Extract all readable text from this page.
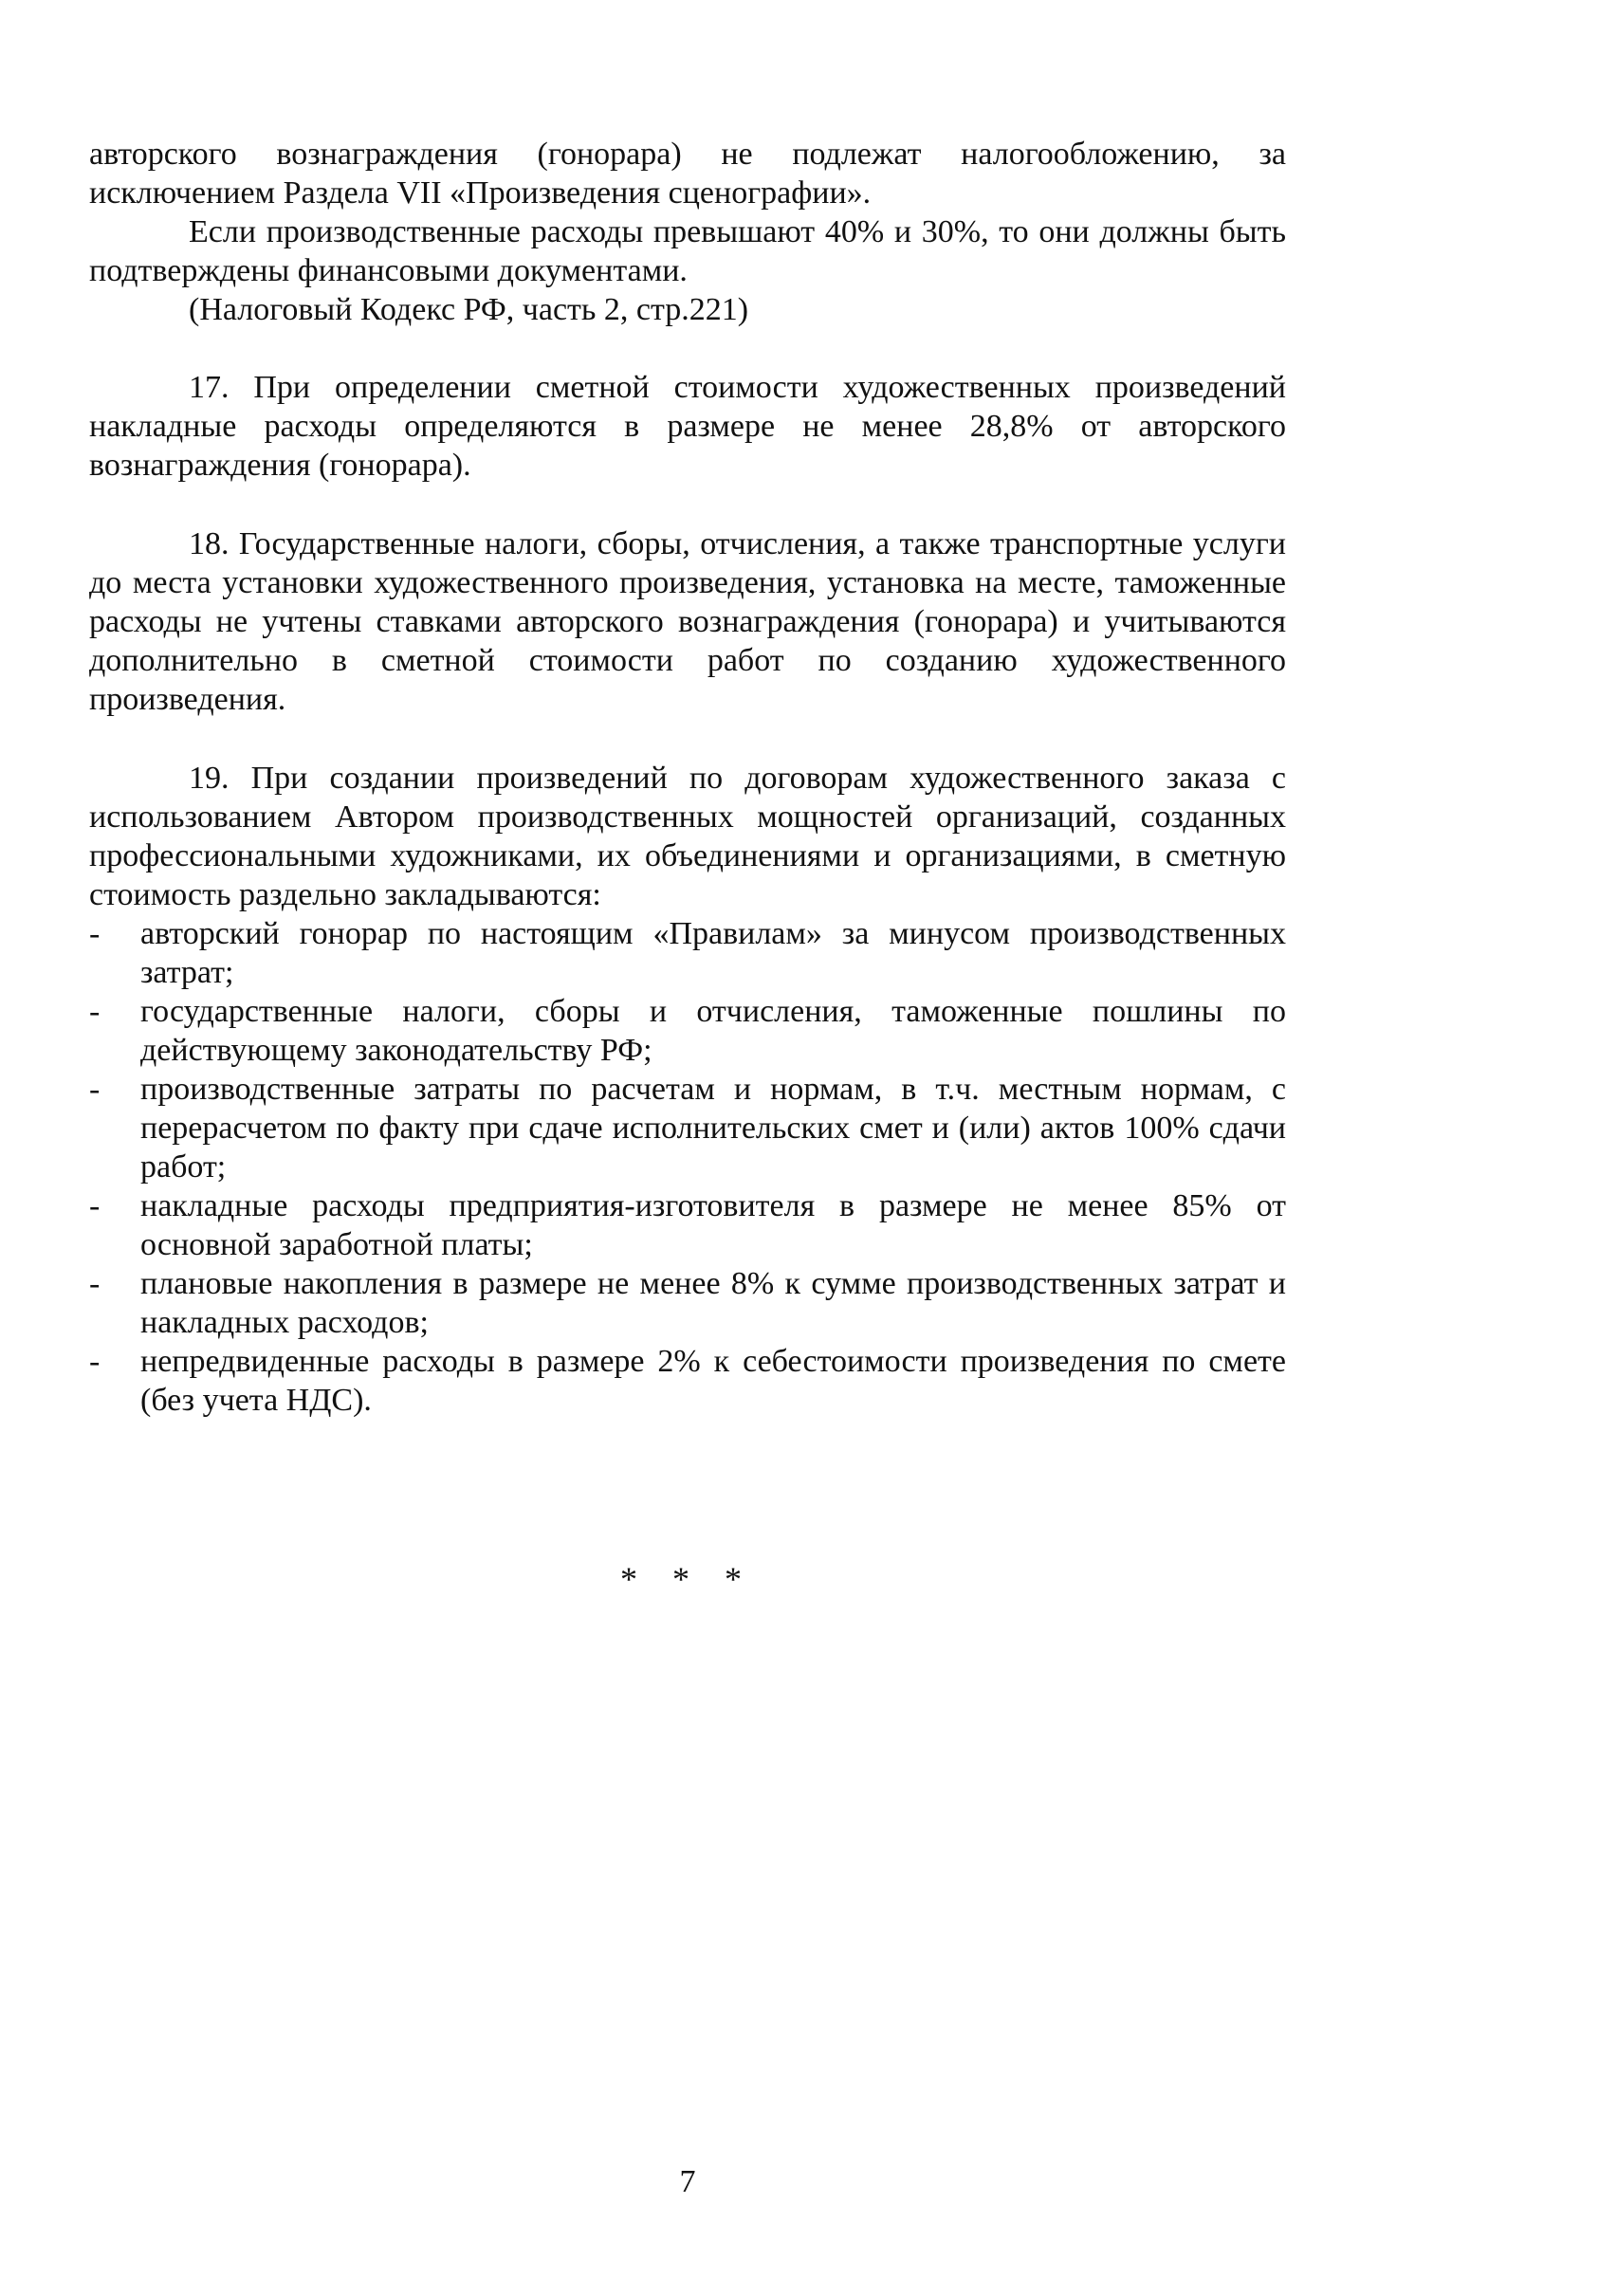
авторского вознаграждения (гонорара) не подлежат налогообложению, за исключением Раздела VII «Произведения сценографии».

Если производственные расходы превышают 40% и 30%, то они должны быть подтверждены финансовыми документами.

(Налоговый Кодекс РФ, часть 2, стр.221)

17. При определении сметной стоимости художественных произведений накладные расходы определяются в размере не менее 28,8% от авторского вознаграждения (гонорара).

18. Государственные налоги, сборы, отчисления, а также транспортные услуги до места установки художественного произведения, установка на месте, таможенные расходы не учтены ставками авторского вознаграждения (гонорара) и учитываются дополнительно в сметной стоимости работ по созданию художественного произведения.

19. При создании произведений по договорам художественного заказа с использованием Автором производственных мощностей организаций, созданных профессиональными художниками, их объединениями и организациями, в сметную стоимость раздельно закладываются:

- авторский гонорар по настоящим «Правилам» за минусом производственных затрат;
- государственные налоги, сборы и отчисления, таможенные пошлины по действующему законодательству РФ;
- производственные затраты по расчетам и нормам, в т.ч. местным нормам, с перерасчетом по факту при сдаче исполнительских смет и (или) актов 100% сдачи работ;
- накладные расходы предприятия-изготовителя в размере не менее 85% от основной заработной платы;
- плановые накопления в размере не менее 8% к сумме производственных затрат и накладных расходов;
- непредвиденные расходы в размере 2% к себестоимости произведения по смете (без учета НДС).
* * *
7
